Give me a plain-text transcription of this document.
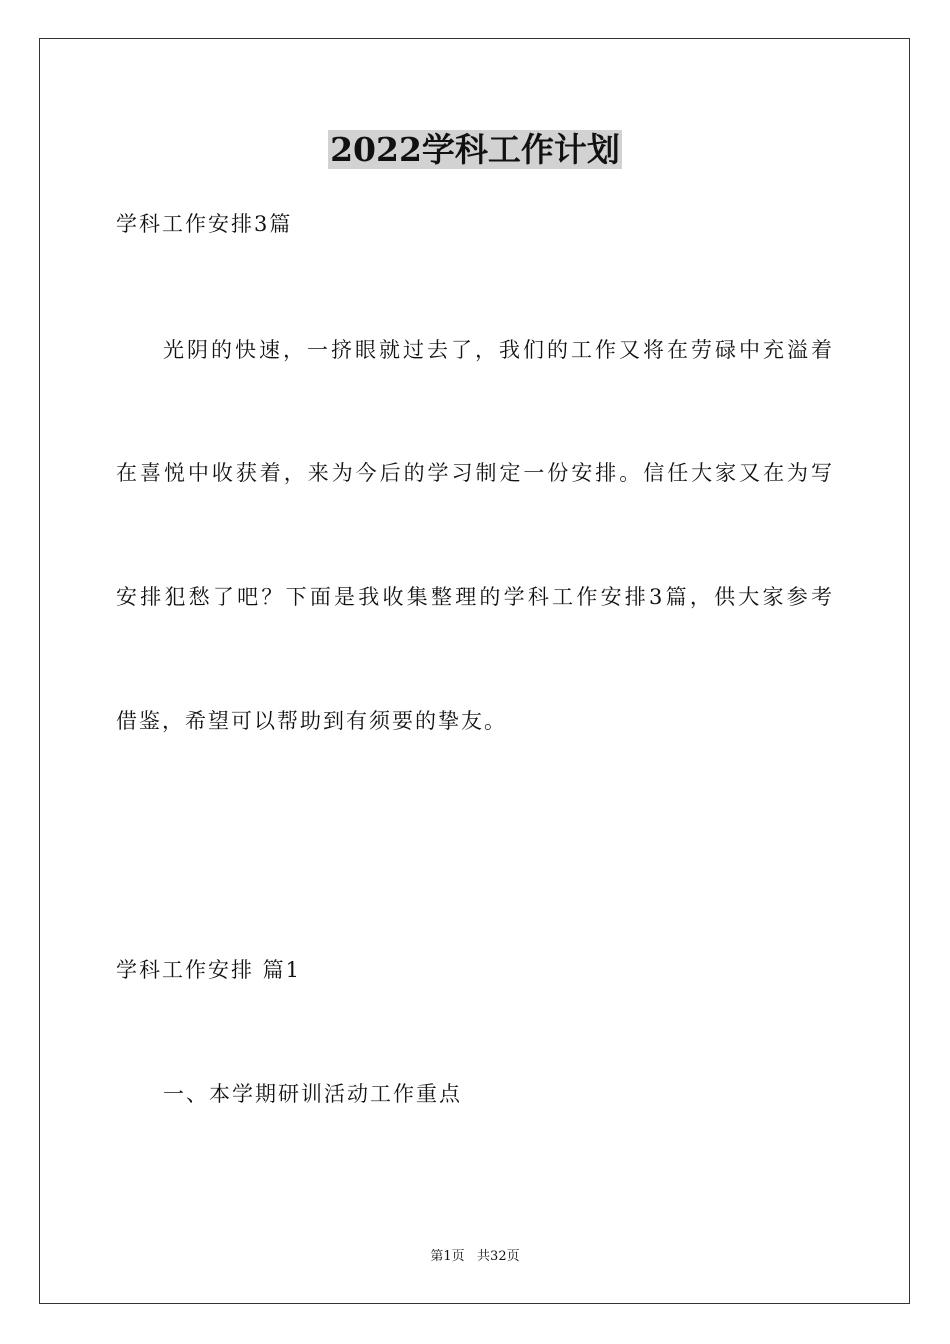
2022学科工作计划
学科工作安排3篇
光阴的快速，一挤眼就过去了，我们的工作又将在劳碌中充溢着
在喜悦中收获着，来为今后的学习制定一份安排。信任大家又在为写
安排犯愁了吧？下面是我收集整理的学科工作安排3篇，供大家参考
借鉴，希望可以帮助到有须要的挚友。
学科工作安排 篇1
一、本学期研训活动工作重点
第1页   共32页
